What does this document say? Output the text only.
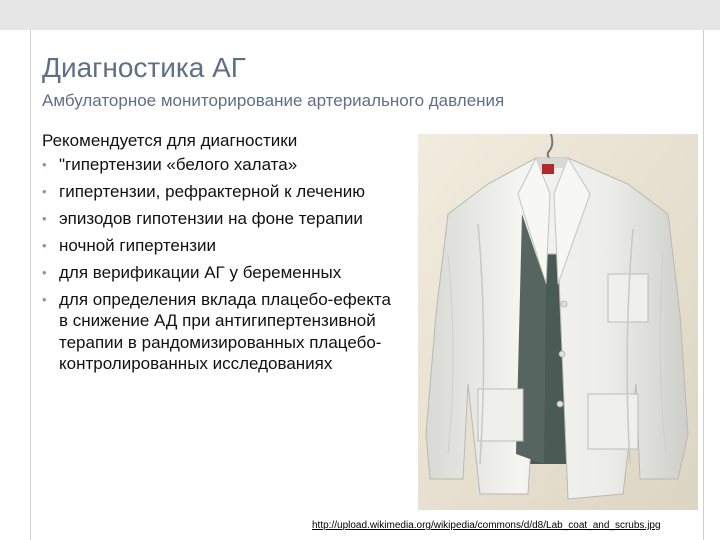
Диагностика АГ
Амбулаторное мониторирование артериального давления
Рекомендуется для диагностики
• "гипертензии «белого халата»
• гипертензии, рефрактерной к лечению
• эпизодов гипотензии на фоне терапии
• ночной гипертензии
• для верификации АГ у беременных
• для определения вклада плацебо-ефекта в снижение АД при антигипертензивной терапии в рандомизированных плацебо-контролированных исследованиях
http://upload.wikimedia.org/wikipedia/commons/d/d8/Lab_coat_and_scrubs.jpg
